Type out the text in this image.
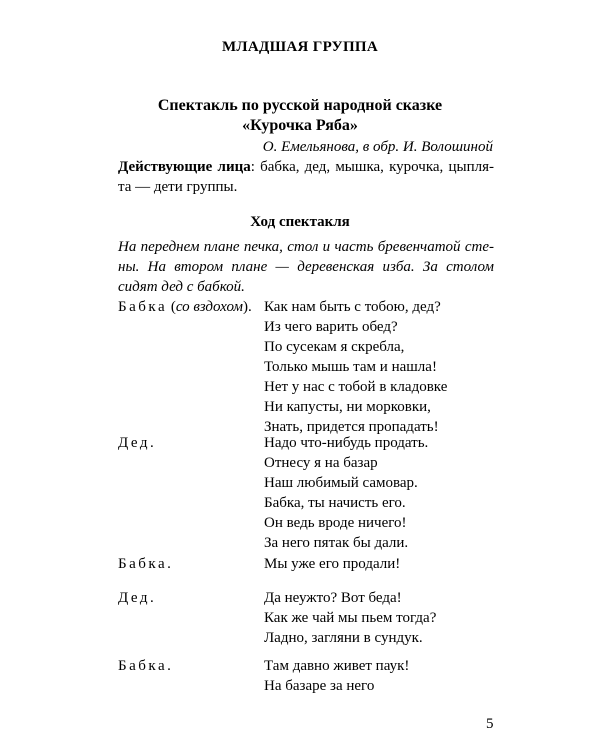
МЛАДШАЯ ГРУППА
Спектакль по русской народной сказке
«Курочка Ряба»
О. Емельянова, в обр. И. Волошиной
Действующие лица: бабка, дед, мышка, курочка, цыпля-та — дети группы.
Ход спектакля
На переднем плане печка, стол и часть бревенчатой сте-ны. На втором плане — деревенская изба. За столом сидят дед с бабкой.
Бабка (со вздохом). Как нам быть с тобою, дед?
Из чего варить обед?
По сусекам я скребла,
Только мышь там и нашла!
Нет у нас с тобой в кладовке
Ни капусты, ни морковки,
Знать, придется пропадать!
Дед.	Надо что-нибудь продать.
Отнесу я на базар
Наш любимый самовар.
Бабка, ты начисть его.
Он ведь вроде ничего!
За него пятак бы дали.
Бабка.	Мы уже его продали!
Дед.	Да неужто? Вот беда!
Как же чай мы пьем тогда?
Ладно, загляни в сундук.
Бабка.	Там давно живет паук!
На базаре за него
5
